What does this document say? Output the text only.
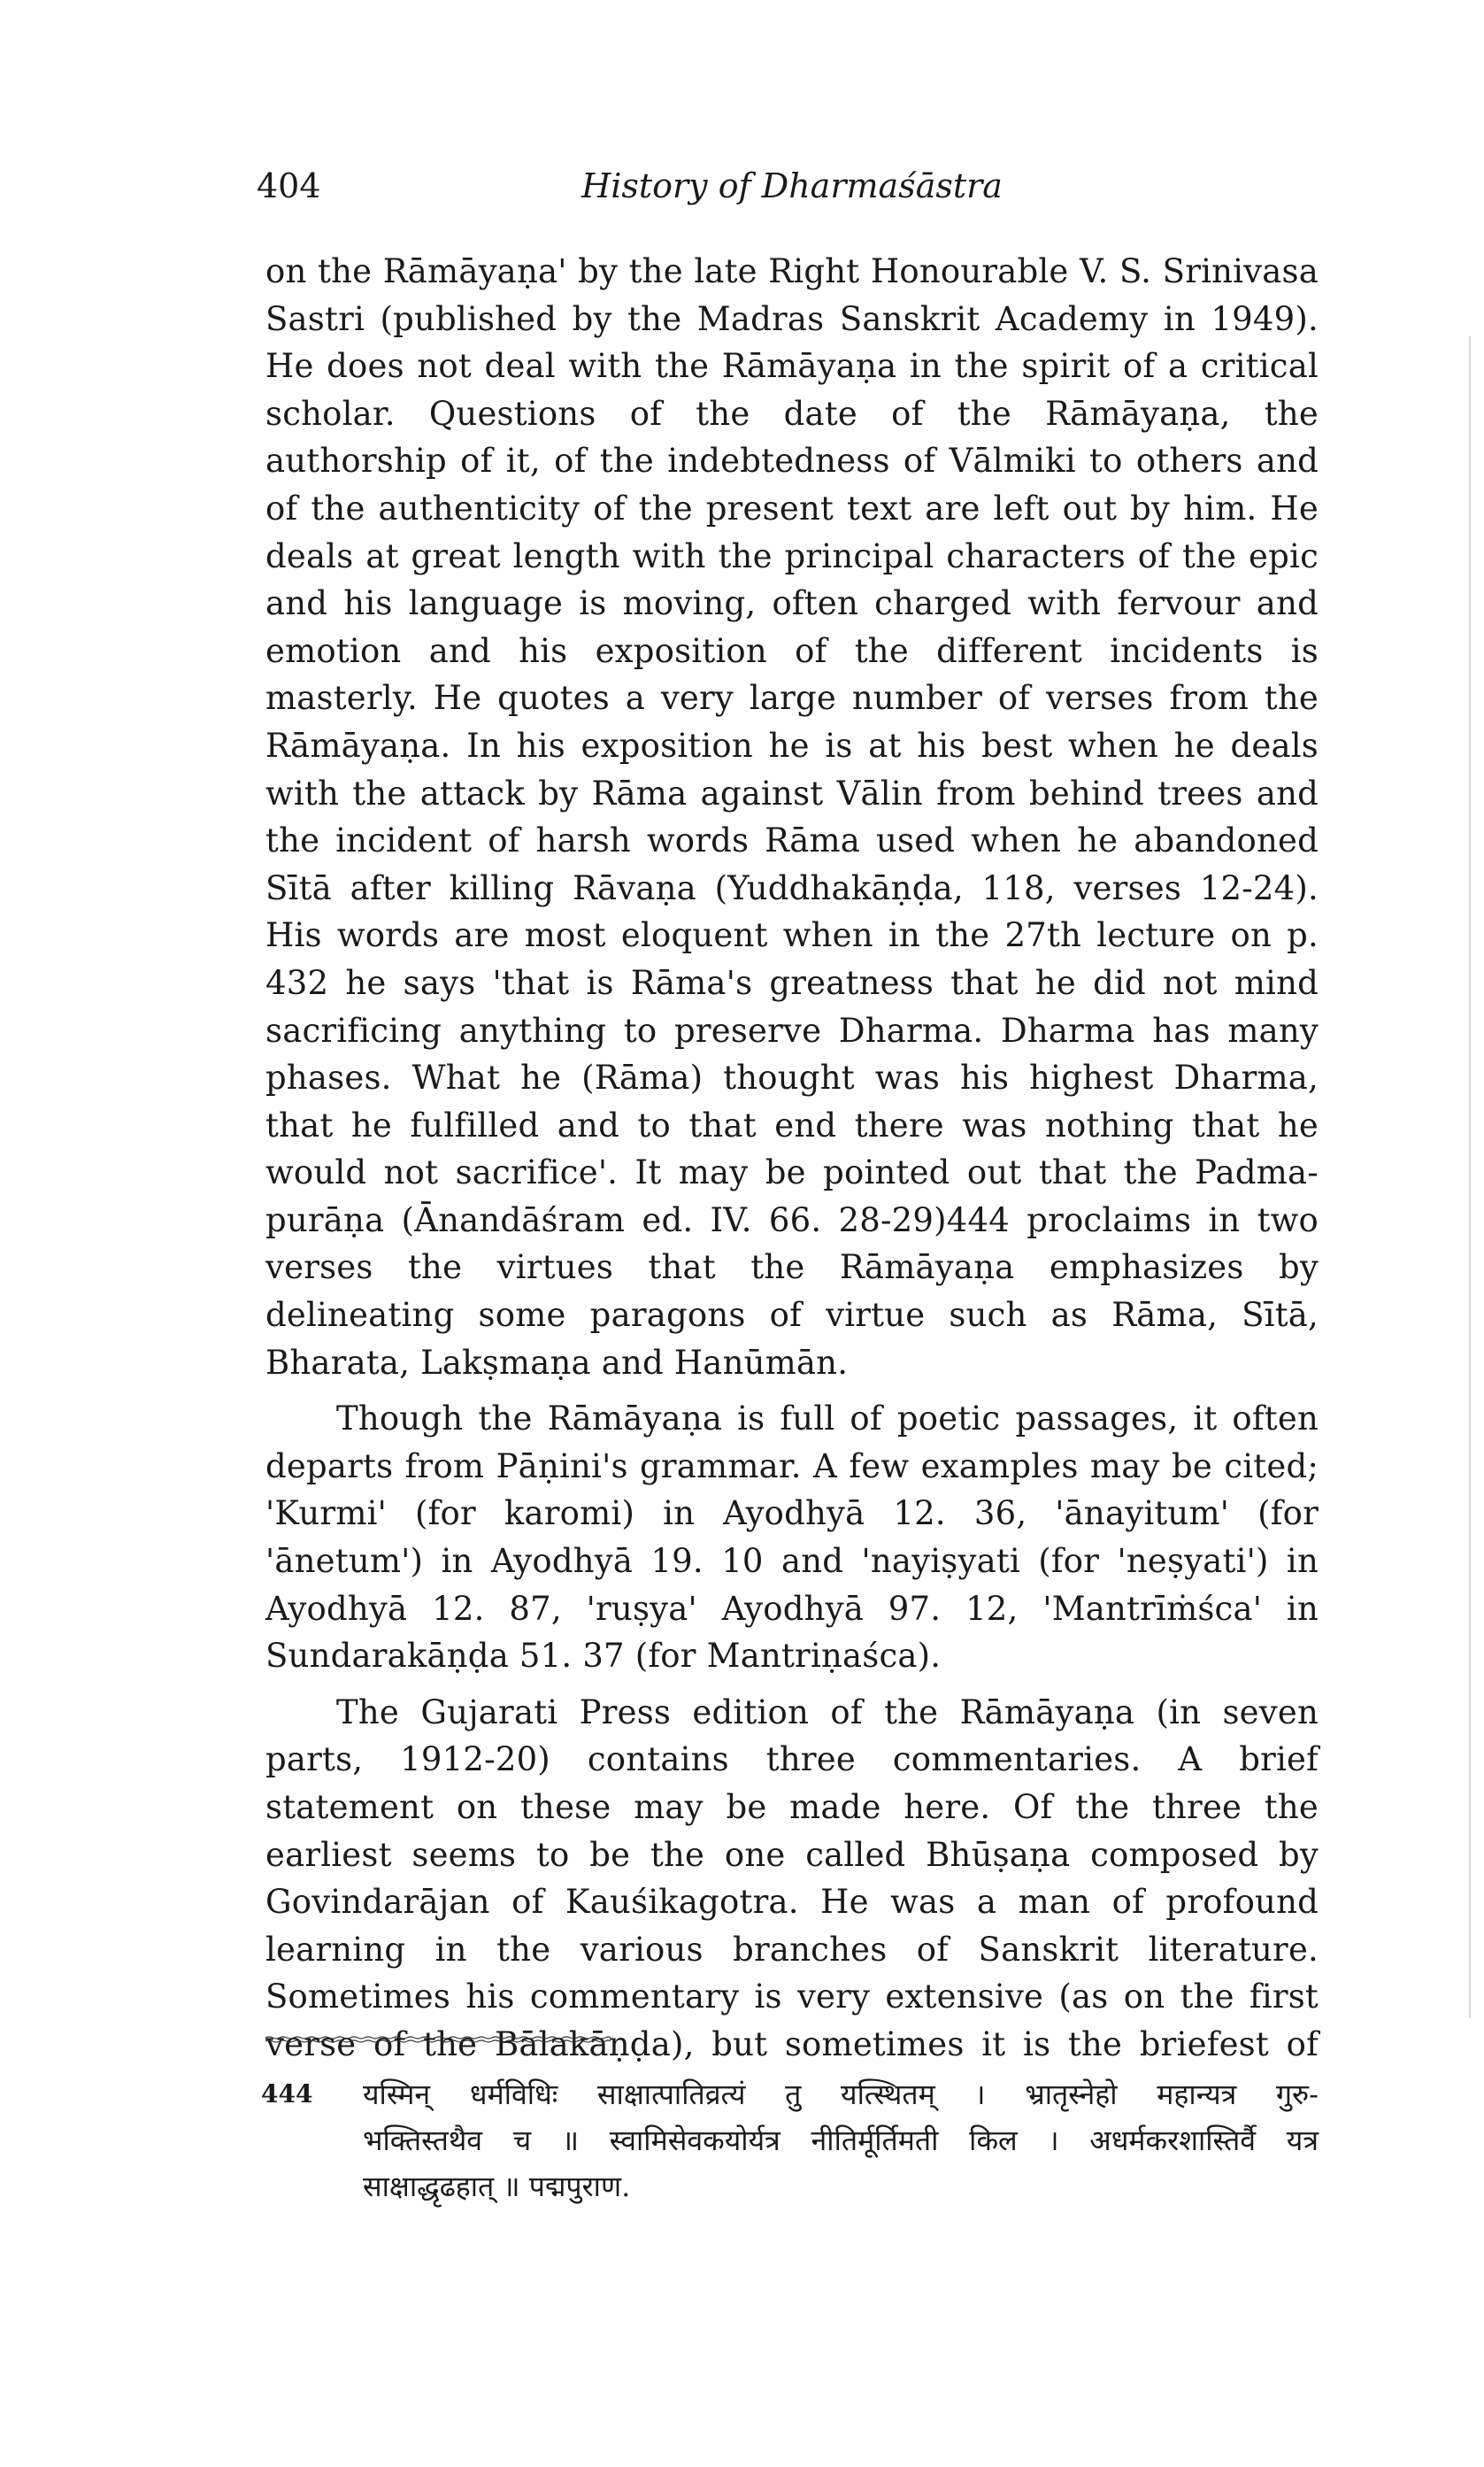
History of Dharmaśāstra
404

on the Rāmāyaṇa' by the late Right Honourable V. S. Srinivasa Sastri (published by the Madras Sanskrit Academy in 1949). He does not deal with the Rāmāyaṇa in the spirit of a critical scholar. Questions of the date of the Rāmāyaṇa, the authorship of it, of the indebtedness of Vālmiki to others and of the authenticity of the present text are left out by him. He deals at great length with the principal characters of the epic and his language is moving, often charged with fervour and emotion and his exposition of the different incidents is masterly. He quotes a very large number of verses from the Rāmāyaṇa. In his exposition he is at his best when he deals with the attack by Rāma against Vālin from behind trees and the incident of harsh words Rāma used when he abandoned Sītā after killing Rāvaṇa (Yuddhakāṇḍa, 118, verses 12-24). His words are most eloquent when in the 27th lecture on p. 432 he says 'that is Rāma's greatness that he did not mind sacrificing anything to preserve Dharma. Dharma has many phases. What he (Rāma) thought was his highest Dharma, that he fulfilled and to that end there was nothing that he would not sacrifice'. It may be pointed out that the Padma-purāṇa (Ānandāśram ed. IV. 66. 28-29)444 proclaims in two verses the virtues that the Rāmāyaṇa emphasizes by delineating some paragons of virtue such as Rāma, Sītā, Bharata, Lakṣmaṇa and Hanūmān.

Though the Rāmāyaṇa is full of poetic passages, it often departs from Pāṇini's grammar. A few examples may be cited; 'Kurmi' (for karomi) in Ayodhyā 12. 36, 'ānayitum' (for 'ānetum') in Ayodhyā 19. 10 and 'nayiṣyati (for 'neṣyati') in Ayodhyā 12. 87, 'ruṣya' Ayodhyā 97. 12, 'Mantrīṁśca' in Sundarakāṇḍa 51. 37 (for Mantriṇaśca).

The Gujarati Press edition of the Rāmāyaṇa (in seven parts, 1912-20) contains three commentaries. A brief statement on these may be made here. Of the three the earliest seems to be the one called Bhūṣaṇa composed by Govindarājan of Kauśikagotra. He was a man of profound learning in the various branches of Sanskrit literature. Sometimes his commentary is very extensive (as on the first verse of the Bālakāṇḍa), but sometimes it is the briefest of

444 यस्मिन् धर्मविधिः साक्षात्पातिव्रत्यं तु यत्स्थितम् । भ्रातृस्नेहो महान्यत्र गुरु-
भक्तिस्तथैव च ॥ स्वामिसेवकयोर्यत्र नीतिर्मूर्तिमती किल । अधर्मकरशास्तिर्वै यत्र
साक्षाद्धृढहात् ॥ पद्मपुराण.
